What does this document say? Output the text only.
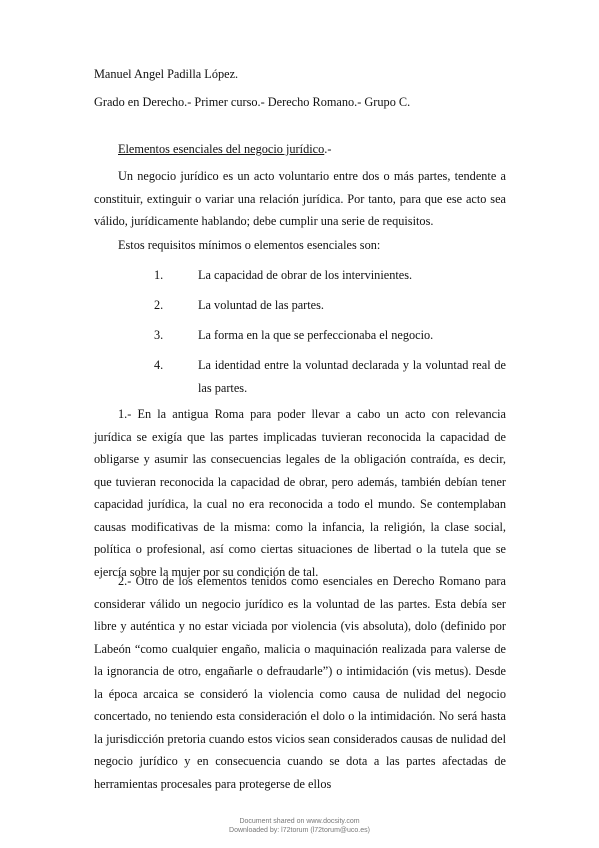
Manuel Angel Padilla López.
Grado en Derecho.- Primer curso.- Derecho Romano.- Grupo C.
Elementos esenciales del negocio jurídico.-

Un negocio jurídico es un acto voluntario entre dos o más partes, tendente a constituir, extinguir o variar una relación jurídica. Por tanto, para que ese acto sea válido, jurídicamente hablando; debe cumplir una serie de requisitos.

Estos requisitos mínimos o elementos esenciales son:

1.	La capacidad de obrar de los intervinientes.
2.	La voluntad de las partes.
3.	La forma en la que se perfeccionaba el negocio.
4.	La identidad entre la voluntad declarada y la voluntad real de las partes.

1.- En la antigua Roma para poder llevar a cabo un acto con relevancia jurídica se exigía que las partes implicadas tuvieran reconocida la capacidad de obligarse y asumir las consecuencias legales de la obligación contraída, es decir, que tuvieran reconocida la capacidad de obrar, pero además, también debían tener capacidad jurídica, la cual no era reconocida a todo el mundo. Se contemplaban causas modificativas de la misma: como la infancia, la religión, la clase social, política o profesional, así como ciertas situaciones de libertad o la tutela que se ejercía sobre la mujer por su condición de tal.

2.- Otro de los elementos tenidos como esenciales en Derecho Romano para considerar válido un negocio jurídico es la voluntad de las partes. Esta debía ser libre y auténtica y no estar viciada por violencia (vis absoluta), dolo (definido por Labeón “como cualquier engaño, malicia o maquinación realizada para valerse de la ignorancia de otro, engañarle o defraudarle”) o intimidación (vis metus). Desde la época arcaica se consideró la violencia como causa de nulidad del negocio concertado, no teniendo esta consideración el dolo o la intimidación. No será hasta la jurisdicción pretoria cuando estos vicios sean considerados causas de nulidad del negocio jurídico y en consecuencia cuando se dota a las partes afectadas de herramientas procesales para protegerse de ellos

Document shared on www.docsity.com
Downloaded by: l72torum (l72torum@uco.es)
